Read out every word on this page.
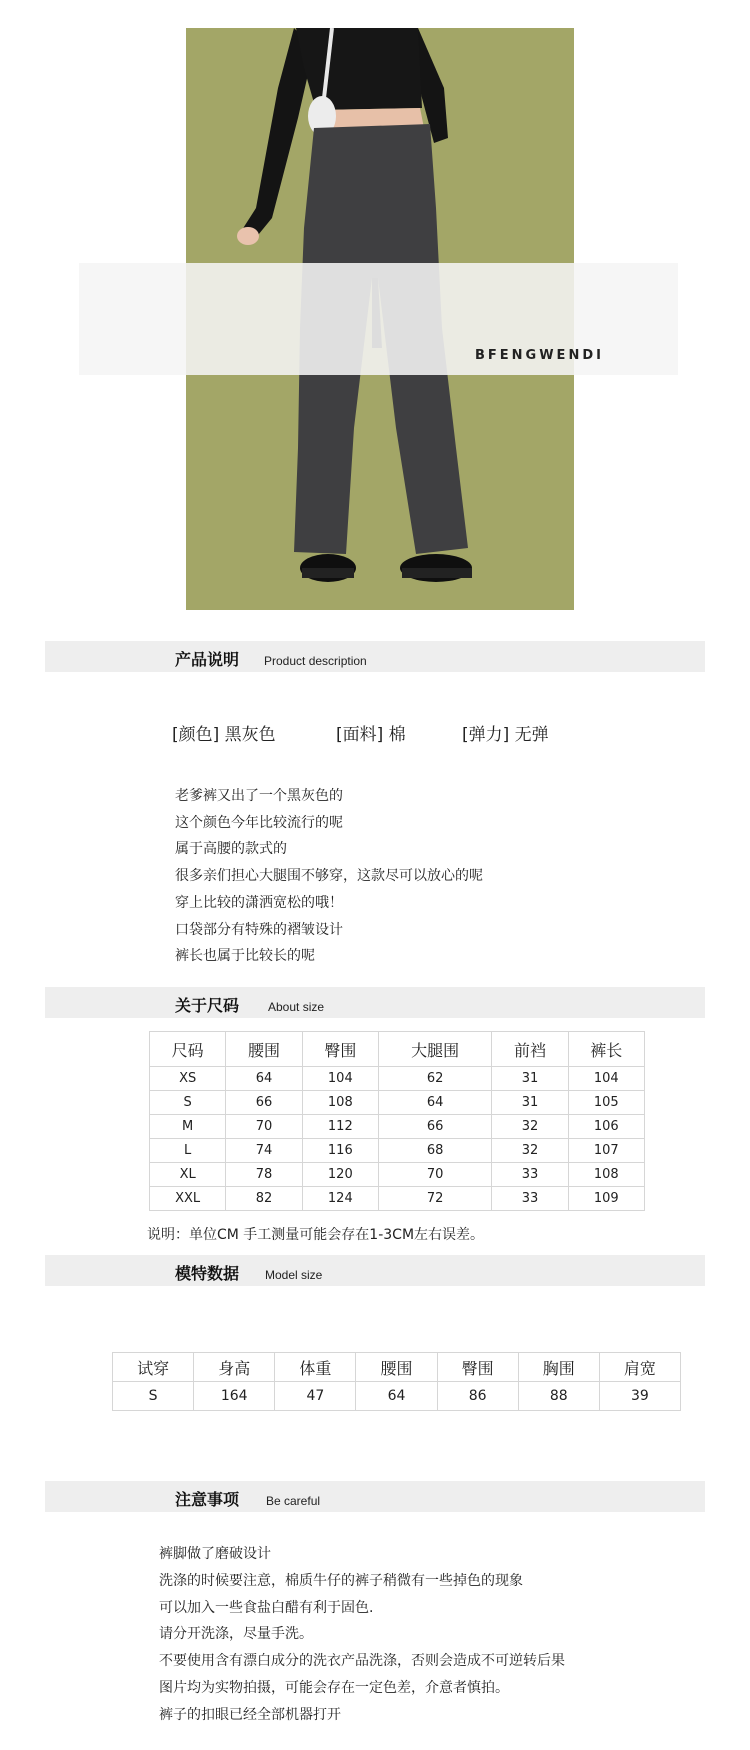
BFENGWENDI
产品说明 Product description
[颜色] 黑灰色	[面料] 棉	[弹力] 无弹
老爹裤又出了一个黑灰色的
这个颜色今年比较流行的呢
属于高腰的款式的
很多亲们担心大腿围不够穿，这款尽可以放心的呢
穿上比较的潇洒宽松的哦！
口袋部分有特殊的褶皱设计
裤长也属于比较长的呢
关于尺码 About size
尺码	腰围	臀围	大腿围	前裆	裤长
XS	64	104	62	31	104
S	66	108	64	31	105
M	70	112	66	32	106
L	74	116	68	32	107
XL	78	120	70	33	108
XXL	82	124	72	33	109
说明：单位CM 手工测量可能会存在1-3CM左右误差。
模特数据 Model size
试穿	身高	体重	腰围	臀围	胸围	肩宽
S	164	47	64	86	88	39
注意事项 Be careful
裤脚做了磨破设计
洗涤的时候要注意，棉质牛仔的裤子稍微有一些掉色的现象
可以加入一些食盐白醋有利于固色.
请分开洗涤，尽量手洗。
不要使用含有漂白成分的洗衣产品洗涤，否则会造成不可逆转后果
图片均为实物拍摄，可能会存在一定色差，介意者慎拍。
裤子的扣眼已经全部机器打开
